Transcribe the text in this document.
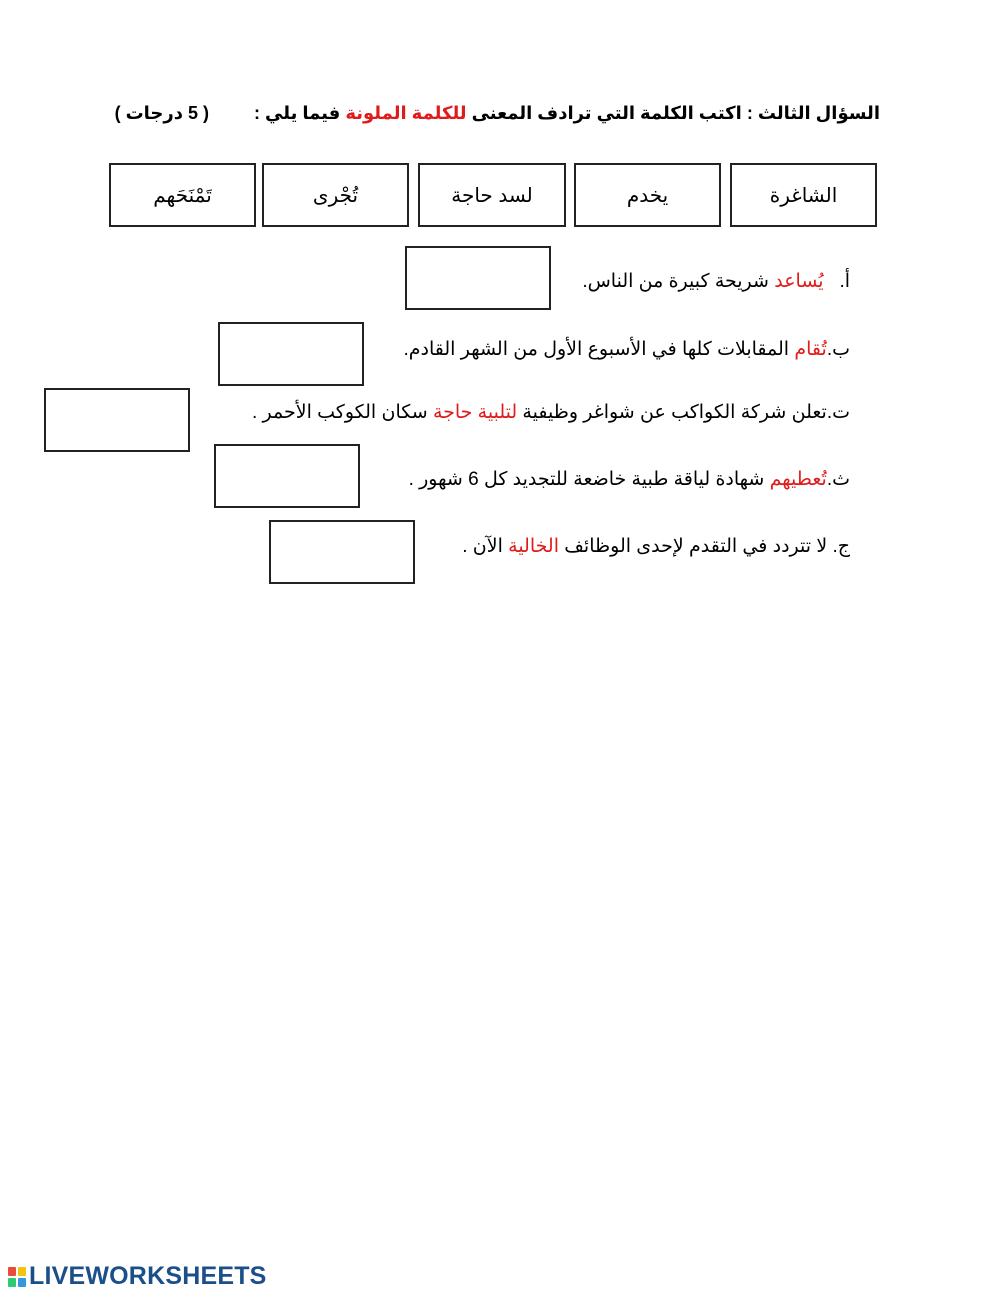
السؤال الثالث : اكتب الكلمة التي ترادف المعنى للكلمة الملونة فيما يلي : ( 5 درجات )
الشاغرة
يخدم
لسد حاجة
تُجْرى
تَمْنَحَهم
أ.   يُساعد شريحة كبيرة من الناس.
ب.تُقام المقابلات كلها في الأسبوع الأول من الشهر القادم.
ت.تعلن شركة الكواكب عن شواغر وظيفية لتلبية حاجة سكان الكوكب الأحمر .
ث.تُعطيهم شهادة لياقة طبية خاضعة للتجديد كل 6 شهور .
ج. لا تتردد في التقدم لإحدى الوظائف الخالية الآن .
LIVEWORKSHEETS
